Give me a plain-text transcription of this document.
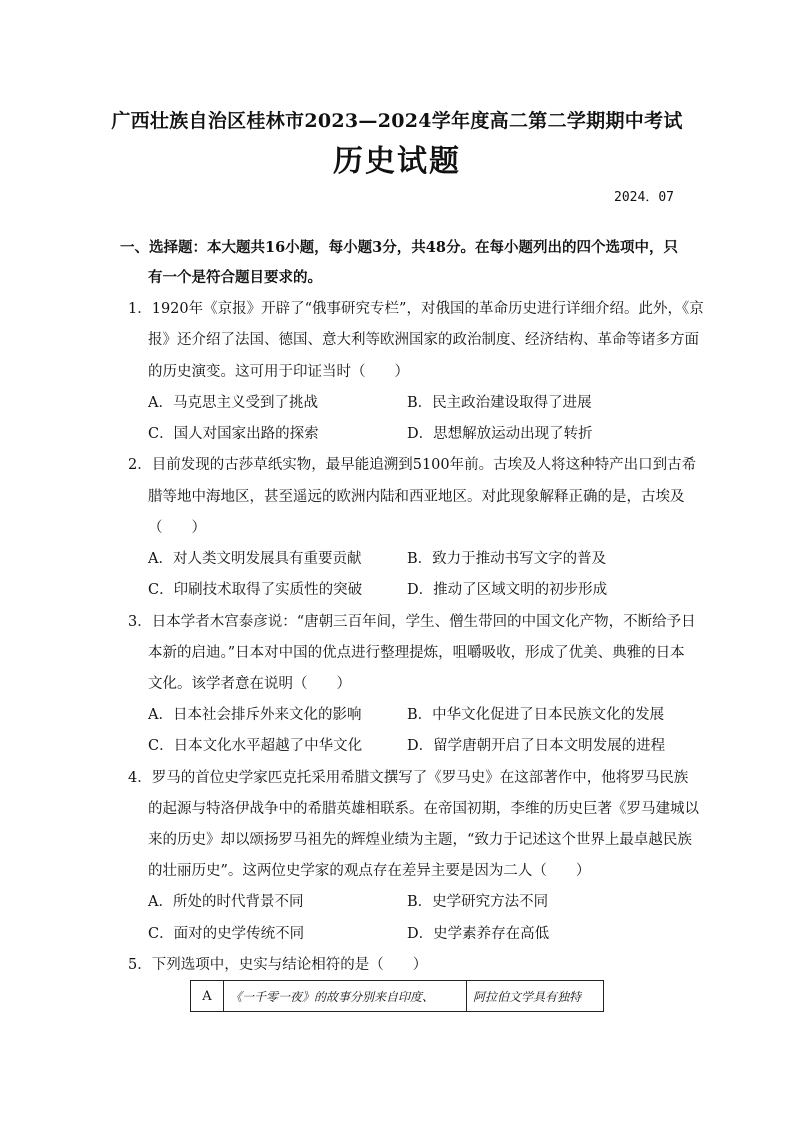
广西壮族自治区桂林市2023—2024学年度高二第二学期期中考试
历史试题
2024．07
一、选择题：本大题共16小题，每小题3分，共48分。在每小题列出的四个选项中，只
有一个是符合题目要求的。
1．1920年《京报》开辟了“俄事研究专栏”，对俄国的革命历史进行详细介绍。此外，《京
报》还介绍了法国、德国、意大利等欧洲国家的政治制度、经济结构、革命等诸多方面
的历史演变。这可用于印证当时（　　）
A．马克思主义受到了挑战	B．民主政治建设取得了进展
C．国人对国家出路的探索	D．思想解放运动出现了转折
2．目前发现的古莎草纸实物，最早能追溯到5100年前。古埃及人将这种特产出口到古希
腊等地中海地区，甚至遥远的欧洲内陆和西亚地区。对此现象解释正确的是，古埃及
（　　）
A．对人类文明发展具有重要贡献	B．致力于推动书写文字的普及
C．印刷技术取得了实质性的突破	D．推动了区域文明的初步形成
3．日本学者木宫泰彦说：“唐朝三百年间，学生、僧生带回的中国文化产物，不断给予日
本新的启迪。”日本对中国的优点进行整理提炼，咀嚼吸收，形成了优美、典雅的日本
文化。该学者意在说明（　　）
A．日本社会排斥外来文化的影响	B．中华文化促进了日本民族文化的发展
C．日本文化水平超越了中华文化	D．留学唐朝开启了日本文明发展的进程
4．罗马的首位史学家匹克托采用希腊文撰写了《罗马史》在这部著作中，他将罗马民族
的起源与特洛伊战争中的希腊英雄相联系。在帝国初期，李维的历史巨著《罗马建城以
来的历史》却以颂扬罗马祖先的辉煌业绩为主题，“致力于记述这个世界上最卓越民族
的壮丽历史”。这两位史学家的观点存在差异主要是因为二人（　　）
A．所处的时代背景不同	B．史学研究方法不同
C．面对的史学传统不同	D．史学素养存在高低
5．下列选项中，史实与结论相符的是（　　）
A	《一千零一夜》的故事分别来自印度、	阿拉伯文学具有独特
